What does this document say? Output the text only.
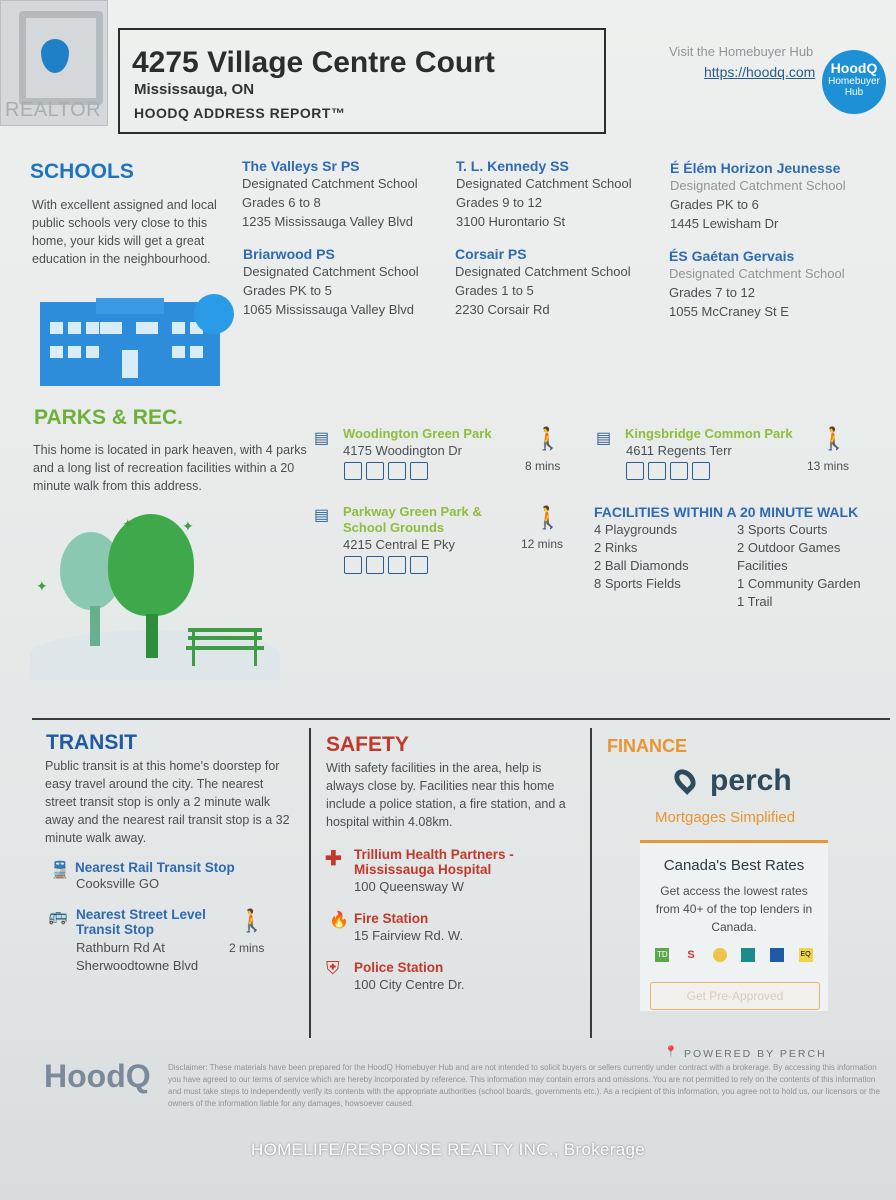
REALTOR
4275 Village Centre Court
Mississauga, ON
HOODQ ADDRESS REPORT™
Visit the Homebuyer Hub
https://hoodq.com	HoodQ
Homebuyer Hub
SCHOOLS
With excellent assigned and local public schools very close to this home, your kids will get a great education in the neighbourhood.
The Valleys Sr PS
Designated Catchment School
Grades 6 to 8
1235 Mississauga Valley Blvd
T. L. Kennedy SS
Designated Catchment School
Grades 9 to 12
3100 Hurontario St
É Élém Horizon Jeunesse
Designated Catchment School
Grades PK to 6
1445 Lewisham Dr
Briarwood PS
Designated Catchment School
Grades PK to 5
1065 Mississauga Valley Blvd
Corsair PS
Designated Catchment School
Grades 1 to 5
2230 Corsair Rd
ÉS Gaétan Gervais
Designated Catchment School
Grades 7 to 12
1055 McCraney St E
PARKS & REC.
This home is located in park heaven, with 4 parks and a long list of recreation facilities within a 20 minute walk from this address.
▤ Woodington Green Park
4175 Woodington Dr	🚶
8 mins
▤ Kingsbridge Common Park
4611 Regents Terr	🚶
13 mins
▤ Parkway Green Park &
School Grounds
4215 Central E Pky
🚶
12 mins
FACILITIES WITHIN A 20 MINUTE WALK
4 Playgrounds
2 Rinks
2 Ball Diamonds
8 Sports Fields
3 Sports Courts
2 Outdoor Games
Facilities
1 Community Garden
1 Trail
✦
✦	✦
TRANSIT
Public transit is at this home's doorstep for easy travel around the city. The nearest street transit stop is only a 2 minute walk away and the nearest rail transit stop is a 32 minute walk away.
🚆 Nearest Rail Transit Stop
Cooksville GO
🚌 Nearest Street Level
Transit Stop
Rathburn Rd At
Sherwoodtowne Blvd
🚶
2 mins
SAFETY
With safety facilities in the area, help is always close by. Facilities near this home include a police station, a fire station, and a hospital within 4.08km.
✚ Trillium Health Partners -
Mississauga Hospital
100 Queensway W
🔥 Fire Station
15 Fairview Rd. W.
⛨ Police Station
100 City Centre Dr.
FINANCE
perch
Mortgages Simplified
Canada's Best Rates
Get access the lowest rates from 40+ of the top lenders in Canada.
TD	S	EQ
Get Pre-Approved
📍 POWERED BY PERCH
HoodQ Disclaimer: These materials have been prepared for the HoodQ Homebuyer Hub and are not intended to solicit buyers or sellers currently under contract with a brokerage. By accessing this information you have agreed to our terms of service which are hereby incorporated by reference. This information may contain errors and omissions. You are not permitted to rely on the contents of this information and must take steps to independently verify its contents with the appropriate authorities (school boards, governments etc.). As a recipient of this information, you agree not to hold us, our licensors or the owners of the information liable for any damages, howsoever caused.
HOMELIFE/RESPONSE REALTY INC., Brokerage
